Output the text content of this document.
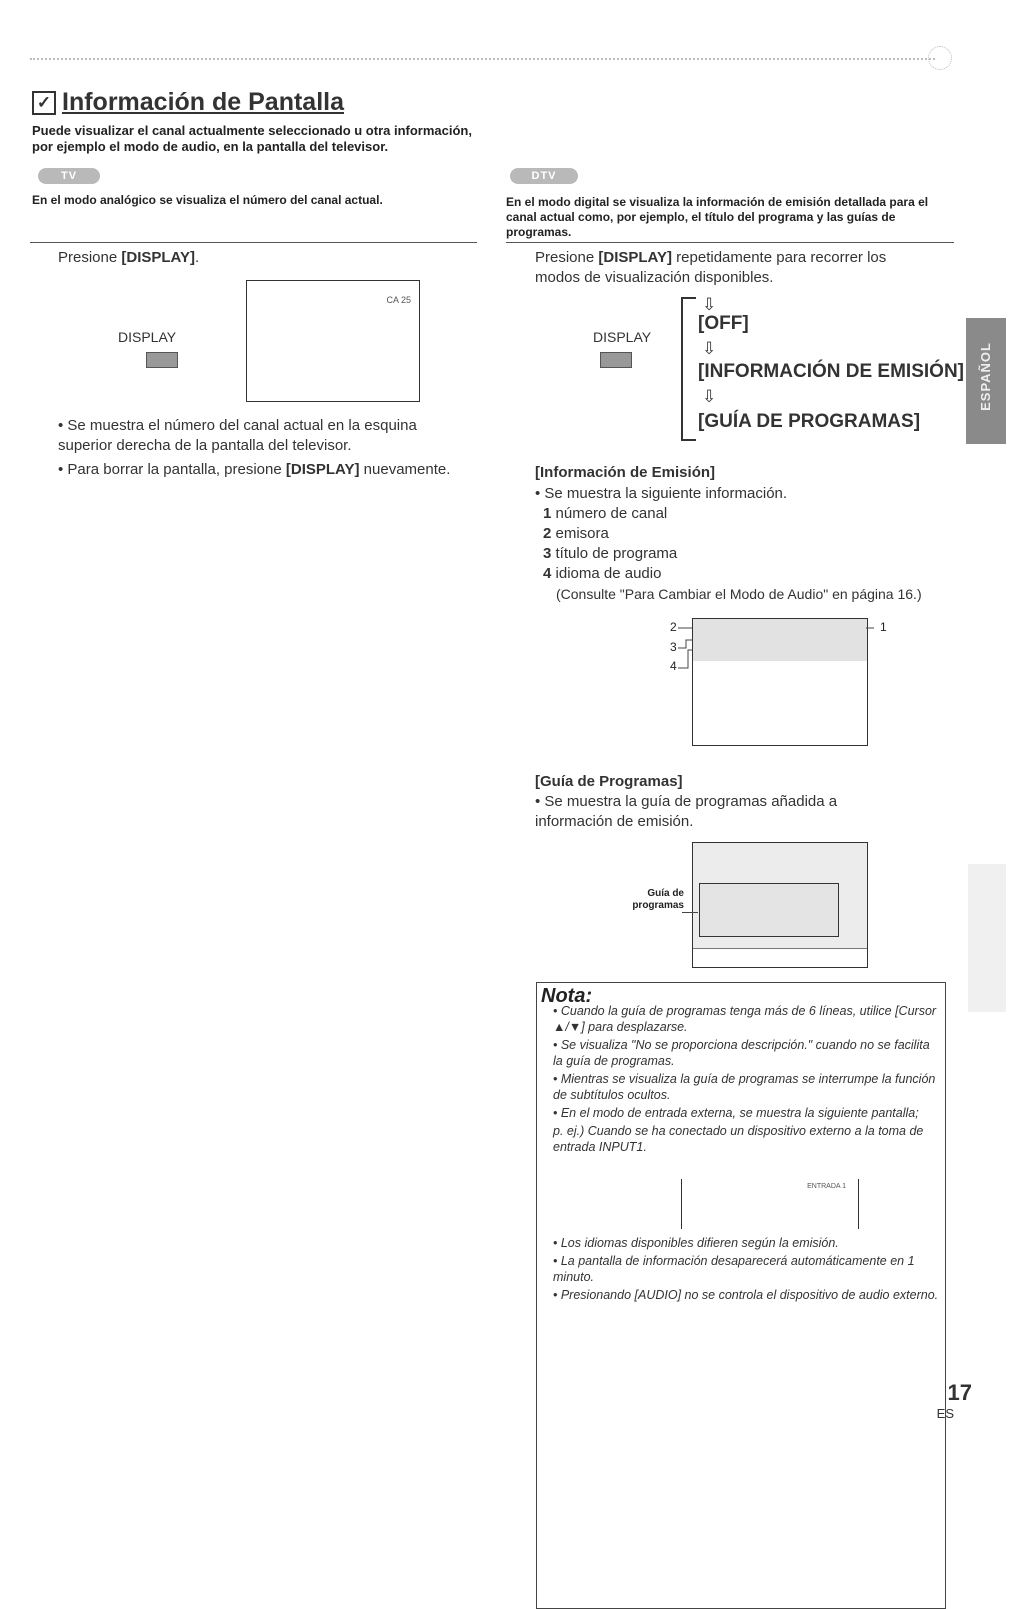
✓ Información de Pantalla
Puede visualizar el canal actualmente seleccionado u otra información, por ejemplo el modo de audio, en la pantalla del televisor.
TV
En el modo analógico se visualiza el número del canal actual.
Presione [DISPLAY].
DISPLAY
CA 25
• Se muestra el número del canal actual en la esquina superior derecha de la pantalla del televisor.
• Para borrar la pantalla, presione [DISPLAY] nuevamente.
DTV
En el modo digital se visualiza la información de emisión detallada para el canal actual como, por ejemplo, el título del programa y las guías de programas.
Presione [DISPLAY] repetidamente para recorrer los modos de visualización disponibles.
DISPLAY
⇩
[OFF]
⇩
[INFORMACIÓN DE EMISIÓN]
⇩
[GUÍA DE PROGRAMAS]
[Información de Emisión]
• Se muestra la siguiente información.
1 número de canal
2 emisora
3 título de programa
4 idioma de audio
(Consulte "Para Cambiar el Modo de Audio" en página 16.)
2
3
4
1
[Guía de Programas]
• Se muestra la guía de programas añadida a información de emisión.
Guía de programas
ESPAÑOL
Nota:
• Cuando la guía de programas tenga más de 6 líneas, utilice [Cursor ▲/▼] para desplazarse.
• Se visualiza "No se proporciona descripción." cuando no se facilita la guía de programas.
• Mientras se visualiza la guía de programas se interrumpe la función de subtítulos ocultos.
• En el modo de entrada externa, se muestra la siguiente pantalla;
p. ej.) Cuando se ha conectado un dispositivo externo a la toma de entrada INPUT1.
ENTRADA 1
• Los idiomas disponibles difieren según la emisión.
• La pantalla de información desaparecerá automáticamente en 1 minuto.
• Presionando [AUDIO] no se controla el dispositivo de audio externo.
17
ES
